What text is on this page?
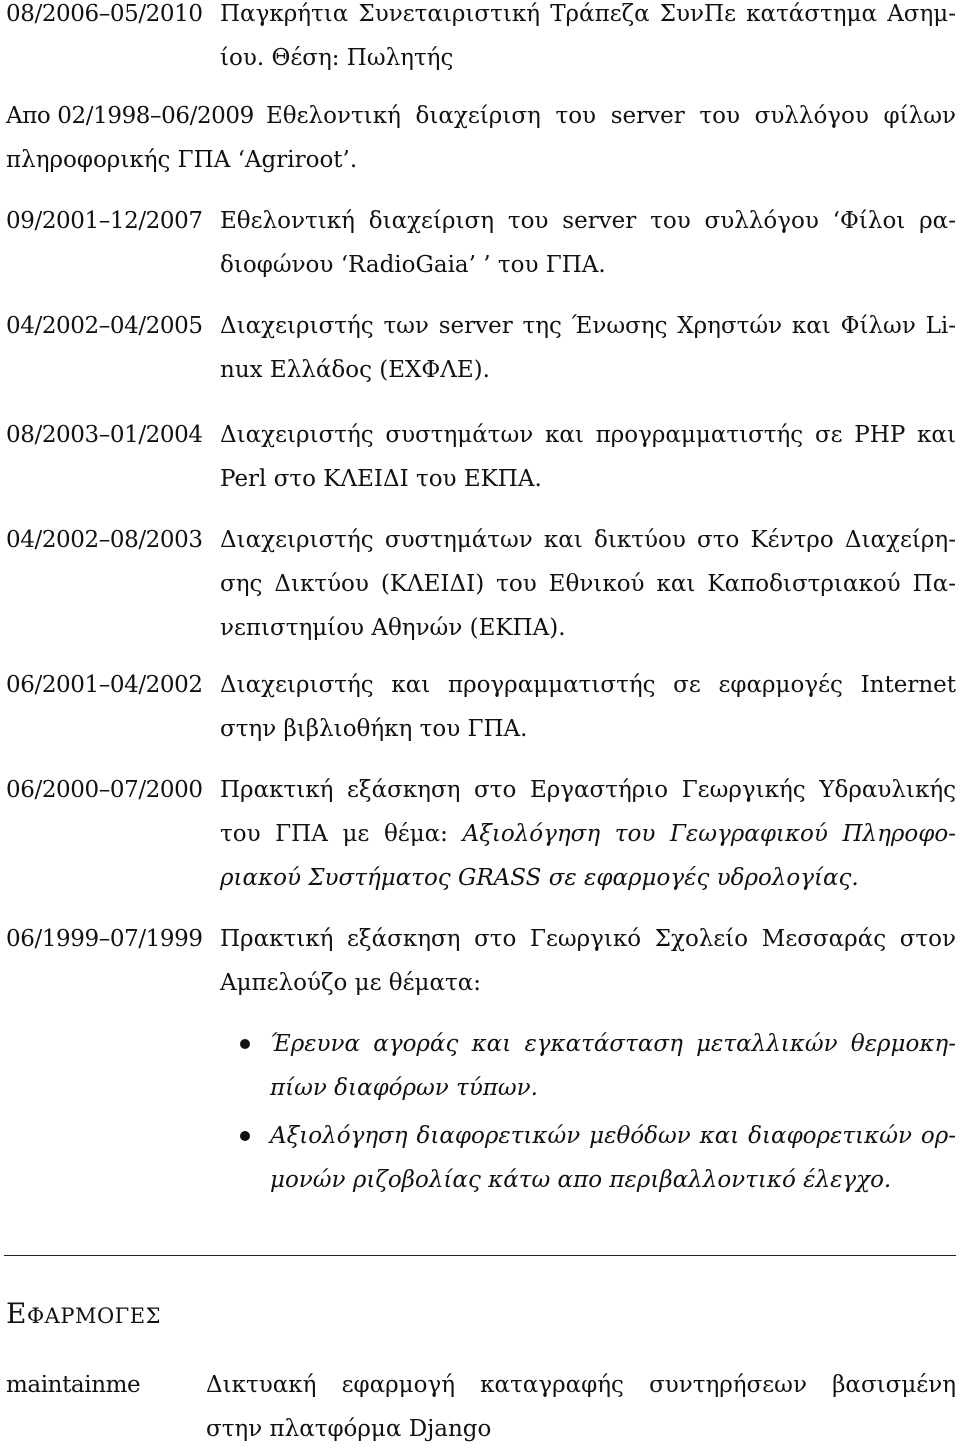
08/2006–05/2010 Παγκρήτια Συνεταιριστική Τράπεζα ΣυνΠε κατάστημα Ασημ-
ίου. Θέση: Πωλητής
Απο 02/1998–06/2009 Εθελοντική διαχείριση του server του συλλόγου φίλων
πληροφορικής ΓΠΑ ‘Agriroot’.
09/2001–12/2007 Εθελοντική διαχείριση του server του συλλόγου ‘Φίλοι ρα-
διοφώνου ‘RadioGaia’ ’ του ΓΠΑ.
04/2002–04/2005 Διαχειριστής των server της Ένωσης Χρηστών και Φίλων Li-
nux Ελλάδος (ΕΧΦΛΕ).
08/2003–01/2004 Διαχειριστής συστημάτων και προγραμματιστής σε PHP και
Perl στο ΚΛΕΙΔΙ του ΕΚΠΑ.
04/2002–08/2003 Διαχειριστής συστημάτων και δικτύου στο Κέντρο Διαχείρη-
σης Δικτύου (ΚΛΕΙΔΙ) του Εθνικού και Καποδιστριακού Πα-
νεπιστημίου Αθηνών (ΕΚΠΑ).
06/2001–04/2002 Διαχειριστής και προγραμματιστής σε εφαρμογές Internet
στην βιβλιοθήκη του ΓΠΑ.
06/2000–07/2000 Πρακτική εξάσκηση στο Εργαστήριο Γεωργικής Υδραυλικής
του ΓΠΑ με θέμα: Αξιολόγηση του Γεωγραφικού Πληροφο-
ριακού Συστήματος GRASS σε εφαρμογές υδρολογίας.
06/1999–07/1999 Πρακτική εξάσκηση στο Γεωργικό Σχολείο Μεσσαράς στον
Αμπελούζο με θέματα:
Έρευνα αγοράς και εγκατάσταση μεταλλικών θερμοκη-
πίων διαφόρων τύπων.
Αξιολόγηση διαφορετικών μεθόδων και διαφορετικών ορ-
μονών ριζοβολίας κάτω απο περιβαλλοντικό έλεγχο.
ΕΦΑΡΜΟΓΕΣ
maintainme	Δικτυακή εφαρμογή καταγραφής συντηρήσεων βασισμένη
στην πλατφόρμα Django
